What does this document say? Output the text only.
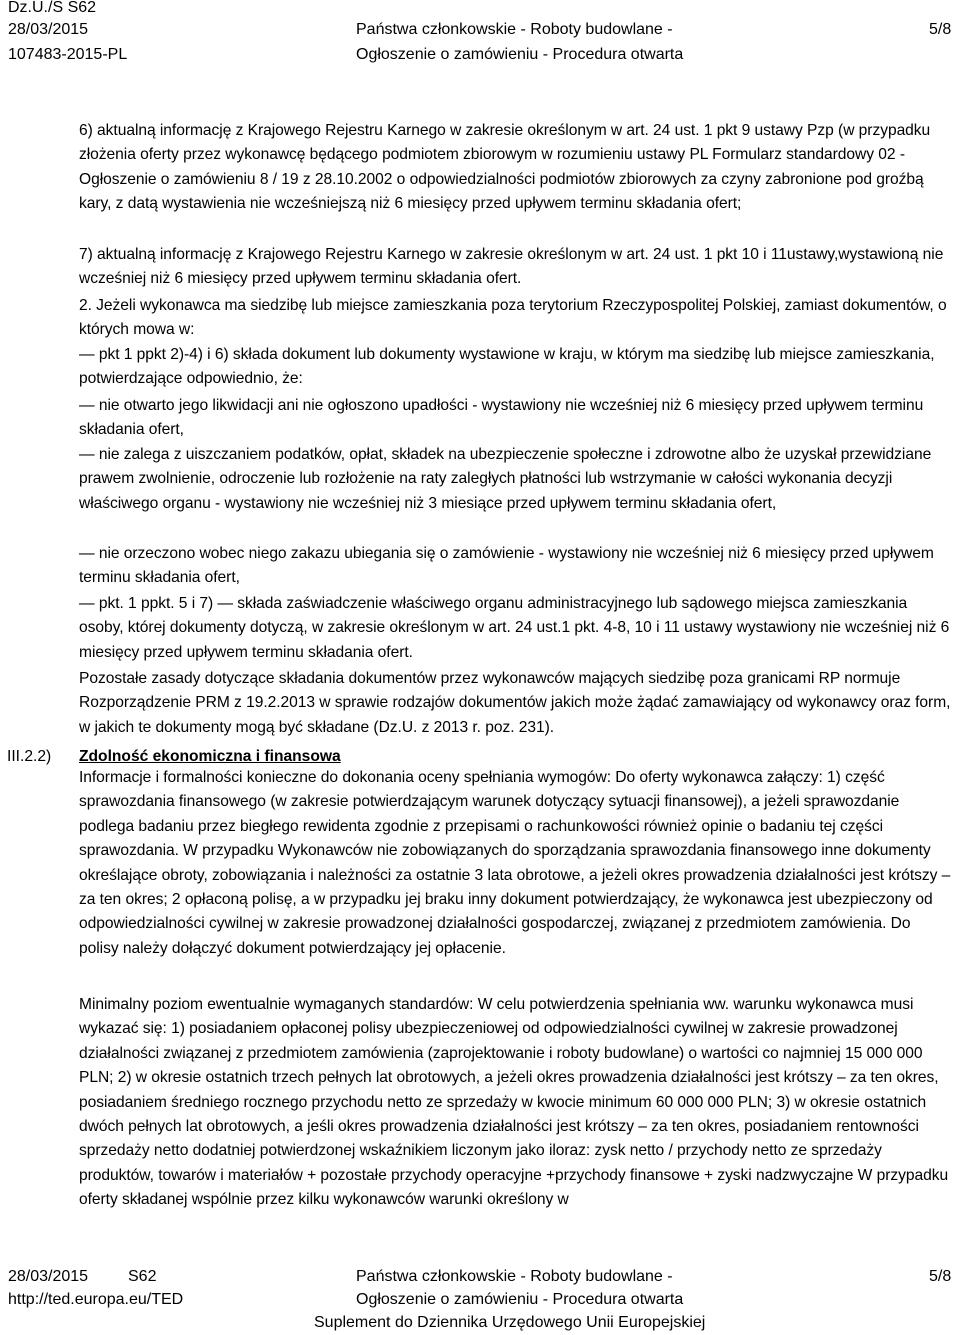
Dz.U./S S62
28/03/2015
107483-2015-PL
Państwa członkowskie - Roboty budowlane -
Ogłoszenie o zamówieniu - Procedura otwarta
5/8
6) aktualną informację z Krajowego Rejestru Karnego w zakresie określonym w art. 24 ust. 1 pkt 9 ustawy Pzp (w przypadku złożenia oferty przez wykonawcę będącego podmiotem zbiorowym w rozumieniu ustawy PL Formularz standardowy 02 - Ogłoszenie o zamówieniu 8 / 19 z 28.10.2002 o odpowiedzialności podmiotów zbiorowych za czyny zabronione pod groźbą kary, z datą wystawienia nie wcześniejszą niż 6 miesięcy przed upływem terminu składania ofert;
7) aktualną informację z Krajowego Rejestru Karnego w zakresie określonym w art. 24 ust. 1 pkt 10 i 11ustawy,wystawioną nie wcześniej niż 6 miesięcy przed upływem terminu składania ofert.
2. Jeżeli wykonawca ma siedzibę lub miejsce zamieszkania poza terytorium Rzeczypospolitej Polskiej, zamiast dokumentów, o których mowa w:
— pkt 1 ppkt 2)-4) i 6) składa dokument lub dokumenty wystawione w kraju, w którym ma siedzibę lub miejsce zamieszkania, potwierdzające odpowiednio, że:
— nie otwarto jego likwidacji ani nie ogłoszono upadłości - wystawiony nie wcześniej niż 6 miesięcy przed upływem terminu składania ofert,
— nie zalega z uiszczaniem podatków, opłat, składek na ubezpieczenie społeczne i zdrowotne albo że uzyskał przewidziane prawem zwolnienie, odroczenie lub rozłożenie na raty zaległych płatności lub wstrzymanie w całości wykonania decyzji właściwego organu - wystawiony nie wcześniej niż 3 miesiące przed upływem terminu składania ofert,
— nie orzeczono wobec niego zakazu ubiegania się o zamówienie - wystawiony nie wcześniej niż 6 miesięcy przed upływem terminu składania ofert,
— pkt. 1 ppkt. 5 i 7) — składa zaświadczenie właściwego organu administracyjnego lub sądowego miejsca zamieszkania osoby, której dokumenty dotyczą, w zakresie określonym w art. 24 ust.1 pkt. 4-8, 10 i 11 ustawy wystawiony nie wcześniej niż 6 miesięcy przed upływem terminu składania ofert.
Pozostałe zasady dotyczące składania dokumentów przez wykonawców mających siedzibę poza granicami RP normuje Rozporządzenie PRM z 19.2.2013 w sprawie rodzajów dokumentów jakich może żądać zamawiający od wykonawcy oraz form, w jakich te dokumenty mogą być składane (Dz.U. z 2013 r. poz. 231).
III.2.2) Zdolność ekonomiczna i finansowa
Informacje i formalności konieczne do dokonania oceny spełniania wymogów: Do oferty wykonawca załączy: 1) część sprawozdania finansowego (w zakresie potwierdzającym warunek dotyczący sytuacji finansowej), a jeżeli sprawozdanie podlega badaniu przez biegłego rewidenta zgodnie z przepisami o rachunkowości również opinie o badaniu tej części sprawozdania. W przypadku Wykonawców nie zobowiązanych do sporządzania sprawozdania finansowego inne dokumenty określające obroty, zobowiązania i należności za ostatnie 3 lata obrotowe, a jeżeli okres prowadzenia działalności jest krótszy – za ten okres; 2 opłaconą polisę, a w przypadku jej braku inny dokument potwierdzający, że wykonawca jest ubezpieczony od odpowiedzialności cywilnej w zakresie prowadzonej działalności gospodarczej, związanej z przedmiotem zamówienia. Do polisy należy dołączyć dokument potwierdzający jej opłacenie.
Minimalny poziom ewentualnie wymaganych standardów: W celu potwierdzenia spełniania ww. warunku wykonawca musi wykazać się: 1) posiadaniem opłaconej polisy ubezpieczeniowej od odpowiedzialności cywilnej w zakresie prowadzonej działalności związanej z przedmiotem zamówienia (zaprojektowanie i roboty budowlane) o wartości co najmniej 15 000 000 PLN; 2) w okresie ostatnich trzech pełnych lat obrotowych, a jeżeli okres prowadzenia działalności jest krótszy – za ten okres, posiadaniem średniego rocznego przychodu netto ze sprzedaży w kwocie minimum 60 000 000 PLN; 3) w okresie ostatnich dwóch pełnych lat obrotowych, a jeśli okres prowadzenia działalności jest krótszy – za ten okres, posiadaniem rentowności sprzedaży netto dodatniej potwierdzonej wskaźnikiem liczonym jako iloraz: zysk netto / przychody netto ze sprzedaży produktów, towarów i materiałów + pozostałe przychody operacyjne +przychody finansowe + zyski nadzwyczajne W przypadku oferty składanej wspólnie przez kilku wykonawców warunki określony w
28/03/2015 S62
http://ted.europa.eu/TED
Państwa członkowskie - Roboty budowlane -
Ogłoszenie o zamówieniu - Procedura otwarta
Suplement do Dziennika Urzędowego Unii Europejskiej
5/8
